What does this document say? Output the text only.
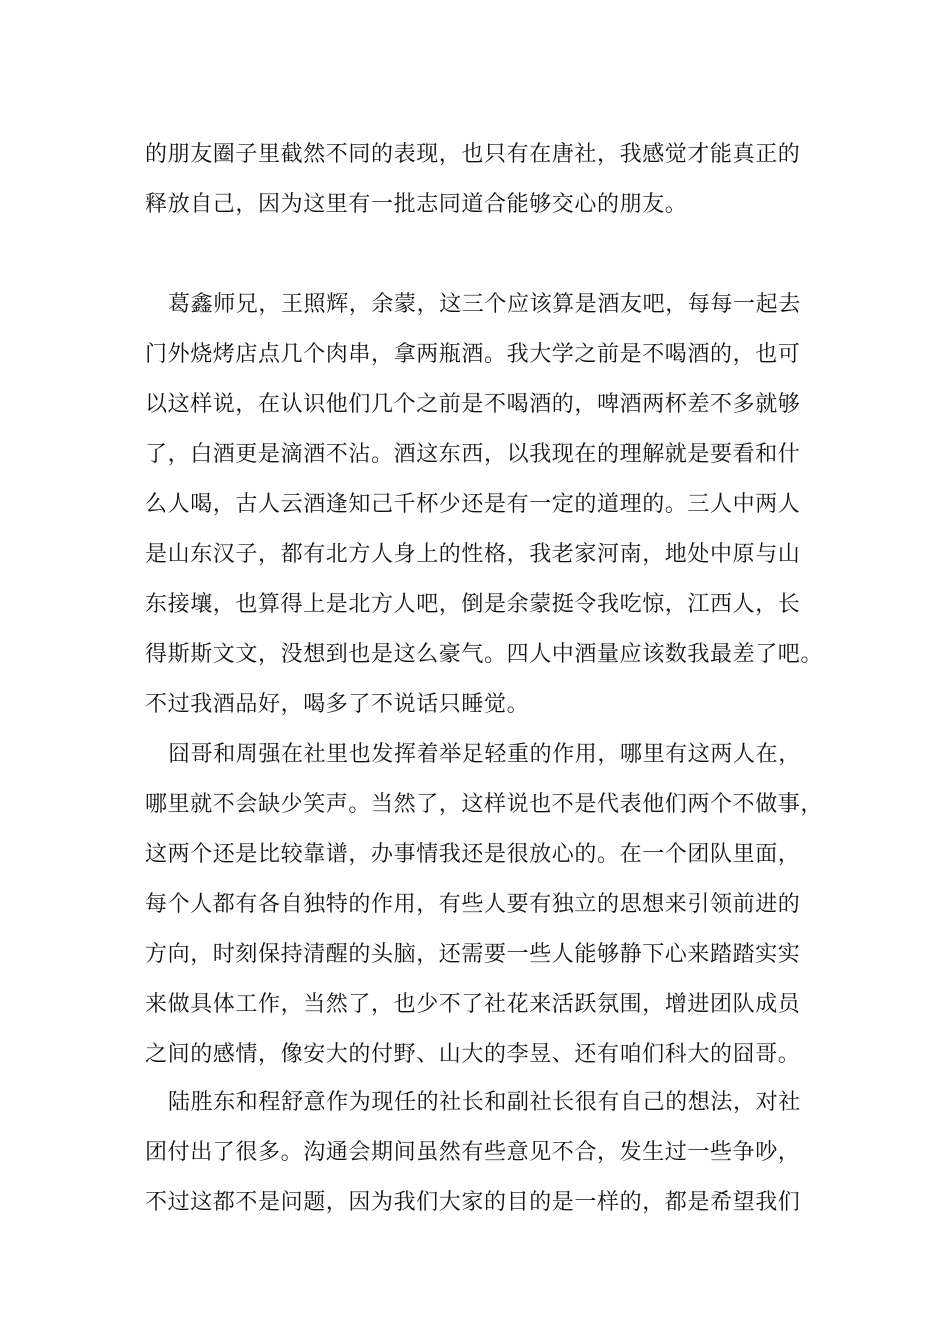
的朋友圈子里截然不同的表现，也只有在唐社，我感觉才能真正的
释放自己，因为这里有一批志同道合能够交心的朋友。
葛鑫师兄，王照辉，余蒙，这三个应该算是酒友吧，每每一起去
门外烧烤店点几个肉串，拿两瓶酒。我大学之前是不喝酒的，也可
以这样说，在认识他们几个之前是不喝酒的，啤酒两杯差不多就够
了，白酒更是滴酒不沾。酒这东西，以我现在的理解就是要看和什
么人喝，古人云酒逢知己千杯少还是有一定的道理的。三人中两人
是山东汉子，都有北方人身上的性格，我老家河南，地处中原与山
东接壤，也算得上是北方人吧，倒是余蒙挺令我吃惊，江西人，长
得斯斯文文，没想到也是这么豪气。四人中酒量应该数我最差了吧。
不过我酒品好，喝多了不说话只睡觉。
囧哥和周强在社里也发挥着举足轻重的作用，哪里有这两人在，
哪里就不会缺少笑声。当然了，这样说也不是代表他们两个不做事，
这两个还是比较靠谱，办事情我还是很放心的。在一个团队里面，
每个人都有各自独特的作用，有些人要有独立的思想来引领前进的
方向，时刻保持清醒的头脑，还需要一些人能够静下心来踏踏实实
来做具体工作，当然了，也少不了社花来活跃氛围，增进团队成员
之间的感情，像安大的付野、山大的李昱、还有咱们科大的囧哥。
陆胜东和程舒意作为现任的社长和副社长很有自己的想法，对社
团付出了很多。沟通会期间虽然有些意见不合，发生过一些争吵，
不过这都不是问题，因为我们大家的目的是一样的，都是希望我们
